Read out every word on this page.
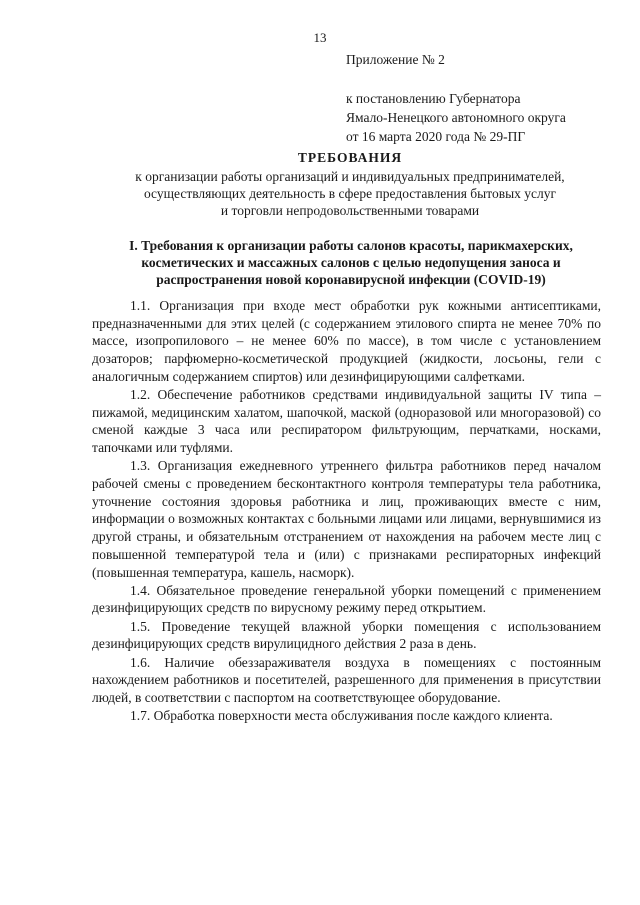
13
Приложение № 2
к постановлению Губернатора
Ямало-Ненецкого автономного округа
от 16 марта 2020 года № 29-ПГ
ТРЕБОВАНИЯ
к организации работы организаций и индивидуальных предпринимателей,
осуществляющих деятельность в сфере предоставления бытовых услуг
и торговли непродовольственными товарами
I. Требования к организации работы салонов красоты, парикмахерских,
косметических и массажных салонов с целью недопущения заноса и
распространения новой коронавирусной инфекции (COVID-19)

1.1. Организация при входе мест обработки рук кожными антисептиками, предназначенными для этих целей (с содержанием этилового спирта не менее 70% по массе, изопропилового – не менее 60% по массе), в том числе с установлением дозаторов; парфюмерно-косметической продукцией (жидкости, лосьоны, гели с аналогичным содержанием спиртов) или дезинфицирующими салфетками.

1.2. Обеспечение работников средствами индивидуальной защиты IV типа – пижамой, медицинским халатом, шапочкой, маской (одноразовой или многоразовой) со сменой каждые 3 часа или респиратором фильтрующим, перчатками, носками, тапочками или туфлями.

1.3. Организация ежедневного утреннего фильтра работников перед началом рабочей смены с проведением бесконтактного контроля температуры тела работника, уточнение состояния здоровья работника и лиц, проживающих вместе с ним, информации о возможных контактах с больными лицами или лицами, вернувшимися из другой страны, и обязательным отстранением от нахождения на рабочем месте лиц с повышенной температурой тела и (или) с признаками респираторных инфекций (повышенная температура, кашель, насморк).

1.4. Обязательное проведение генеральной уборки помещений с применением дезинфицирующих средств по вирусному режиму перед открытием.

1.5. Проведение текущей влажной уборки помещения с использованием дезинфицирующих средств вирулицидного действия 2 раза в день.

1.6. Наличие обеззараживателя воздуха в помещениях с постоянным нахождением работников и посетителей, разрешенного для применения в присутствии людей, в соответствии с паспортом на соответствующее оборудование.

1.7. Обработка поверхности места обслуживания после каждого клиента.
